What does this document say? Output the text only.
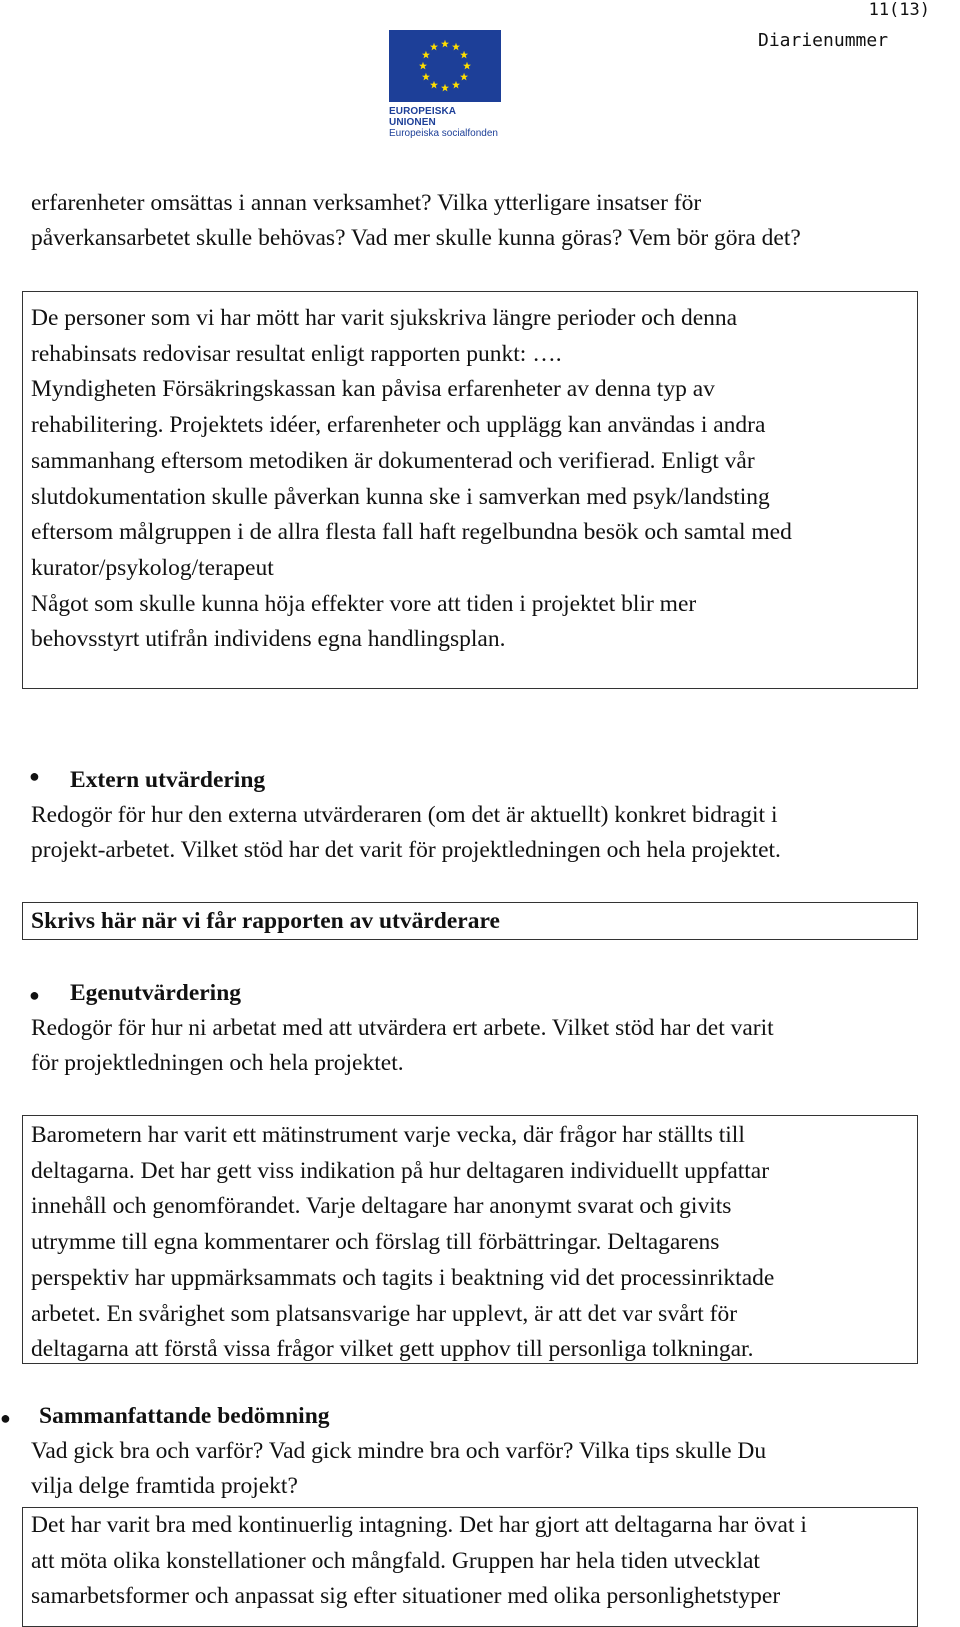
11(13)
Diarienummer
EUROPEISKA UNIONEN
Europeiska socialfonden

erfarenheter omsättas i annan verksamhet? Vilka ytterligare insatser för

påverkansarbetet skulle behövas? Vad mer skulle kunna göras? Vem bör göra det?

De personer som vi har mött har varit sjukskriva längre perioder och denna

rehabinsats redovisar resultat enligt rapporten punkt: ….

Myndigheten Försäkringskassan kan påvisa erfarenheter av denna typ av

rehabilitering. Projektets idéer, erfarenheter och upplägg kan användas i andra

sammanhang eftersom metodiken är dokumenterad och verifierad. Enligt vår

slutdokumentation skulle påverkan kunna ske i samverkan med psyk/landsting

eftersom målgruppen i de allra flesta fall haft regelbundna besök och samtal med

kurator/psykolog/terapeut

Något som skulle kunna höja effekter vore att tiden i projektet blir mer

behovsstyrt utifrån individens egna handlingsplan.

● Extern utvärdering

Redogör för hur den externa utvärderaren (om det är aktuellt) konkret bidragit i

projekt-arbetet. Vilket stöd har det varit för projektledningen och hela projektet.

Skrivs här när vi får rapporten av utvärderare

● Egenutvärdering

Redogör för hur ni arbetat med att utvärdera ert arbete. Vilket stöd har det varit

för projektledningen och hela projektet.

Barometern har varit ett mätinstrument varje vecka, där frågor har ställts till

deltagarna. Det har gett viss indikation på hur deltagaren individuellt uppfattar

innehåll och genomförandet. Varje deltagare har anonymt svarat och givits

utrymme till egna kommentarer och förslag till förbättringar. Deltagarens

perspektiv har uppmärksammats och tagits i beaktning vid det processinriktade

arbetet. En svårighet som platsansvarige har upplevt, är att det var svårt för

deltagarna att förstå vissa frågor vilket gett upphov till personliga tolkningar.

● Sammanfattande bedömning

Vad gick bra och varför? Vad gick mindre bra och varför? Vilka tips skulle Du

vilja delge framtida projekt?

Det har varit bra med kontinuerlig intagning. Det har gjort att deltagarna har övat i

att möta olika konstellationer och mångfald. Gruppen har hela tiden utvecklat

samarbetsformer och anpassat sig efter situationer med olika personlighetstyper
